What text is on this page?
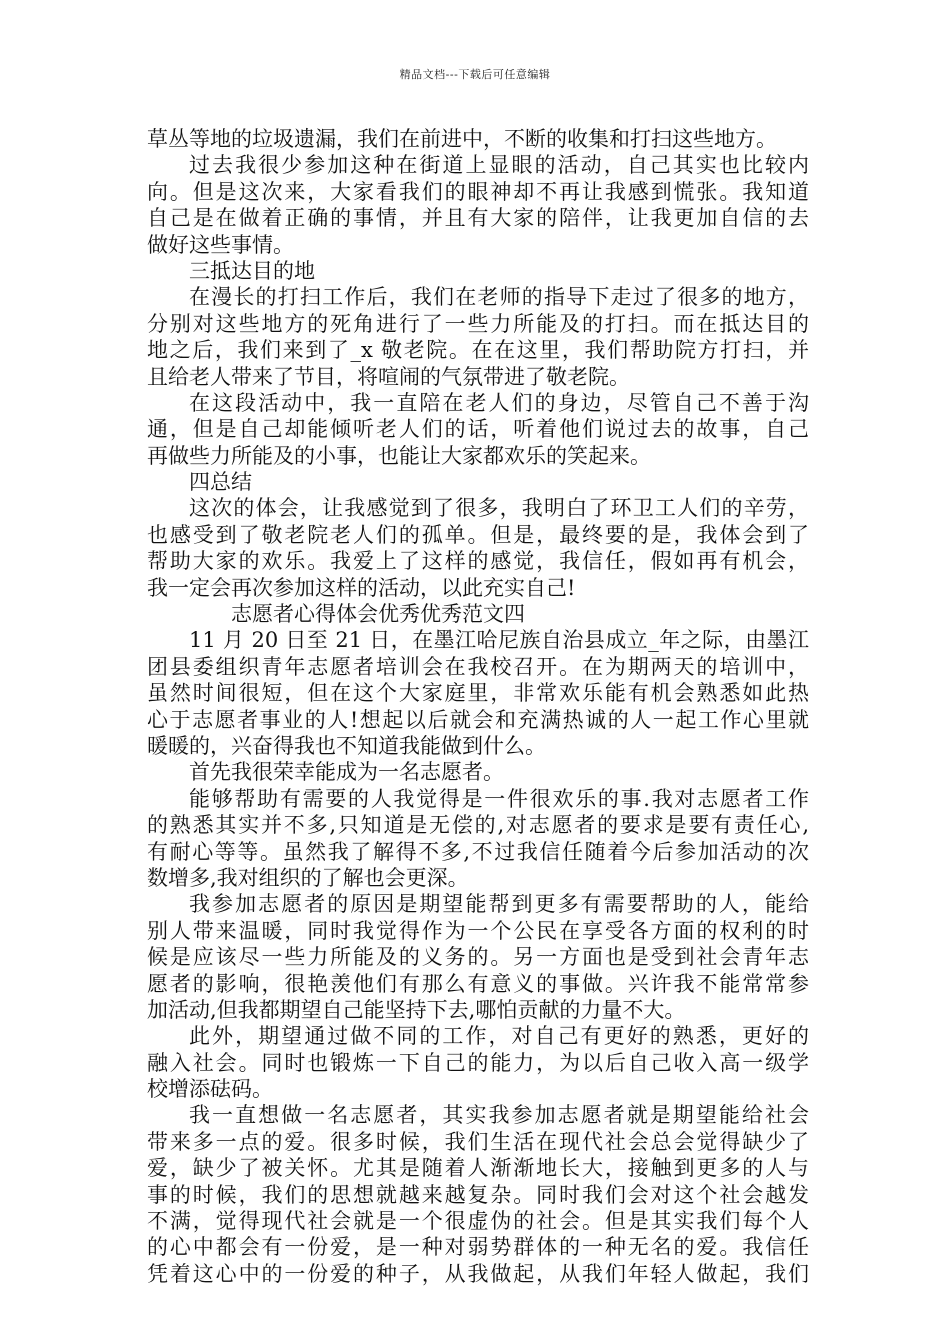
精品文档---下载后可任意编辑
草丛等地的垃圾遗漏，我们在前进中，不断的收集和打扫这些地方。
过去我很少参加这种在街道上显眼的活动，自己其实也比较内
向。但是这次来，大家看我们的眼神却不再让我感到慌张。我知道
自己是在做着正确的事情，并且有大家的陪伴，让我更加自信的去
做好这些事情。
三抵达目的地
在漫长的打扫工作后，我们在老师的指导下走过了很多的地方，
分别对这些地方的死角进行了一些力所能及的打扫。而在抵达目的
地之后，我们来到了_x 敬老院。在在这里，我们帮助院方打扫，并
且给老人带来了节目，将喧闹的气氛带进了敬老院。
在这段活动中，我一直陪在老人们的身边，尽管自己不善于沟
通，但是自己却能倾听老人们的话，听着他们说过去的故事，自己
再做些力所能及的小事，也能让大家都欢乐的笑起来。
四总结
这次的体会，让我感觉到了很多，我明白了环卫工人们的辛劳，
也感受到了敬老院老人们的孤单。但是，最终要的是，我体会到了
帮助大家的欢乐。我爱上了这样的感觉，我信任，假如再有机会，
我一定会再次参加这样的活动，以此充实自己!
志愿者心得体会优秀优秀范文四
11 月 20 日至 21 日，在墨江哈尼族自治县成立_年之际，由墨江
团县委组织青年志愿者培训会在我校召开。在为期两天的培训中，
虽然时间很短，但在这个大家庭里，非常欢乐能有机会熟悉如此热
心于志愿者事业的人!想起以后就会和充满热诚的人一起工作心里就
暖暖的，兴奋得我也不知道我能做到什么。
首先我很荣幸能成为一名志愿者。
能够帮助有需要的人我觉得是一件很欢乐的事.我对志愿者工作
的熟悉其实并不多,只知道是无偿的,对志愿者的要求是要有责任心,
有耐心等等。虽然我了解得不多,不过我信任随着今后参加活动的次
数增多,我对组织的了解也会更深。
我参加志愿者的原因是期望能帮到更多有需要帮助的人，能给
别人带来温暖，同时我觉得作为一个公民在享受各方面的权利的时
候是应该尽一些力所能及的义务的。另一方面也是受到社会青年志
愿者的影响，很艳羡他们有那么有意义的事做。兴许我不能常常参
加活动,但我都期望自己能坚持下去,哪怕贡献的力量不大。
此外，期望通过做不同的工作，对自己有更好的熟悉，更好的
融入社会。同时也锻炼一下自己的能力，为以后自己收入高一级学
校增添砝码。
我一直想做一名志愿者，其实我参加志愿者就是期望能给社会
带来多一点的爱。很多时候，我们生活在现代社会总会觉得缺少了
爱，缺少了被关怀。尤其是随着人渐渐地长大，接触到更多的人与
事的时候，我们的思想就越来越复杂。同时我们会对这个社会越发
不满，觉得现代社会就是一个很虚伪的社会。但是其实我们每个人
的心中都会有一份爱，是一种对弱势群体的一种无名的爱。我信任
凭着这心中的一份爱的种子，从我做起，从我们年轻人做起，我们
